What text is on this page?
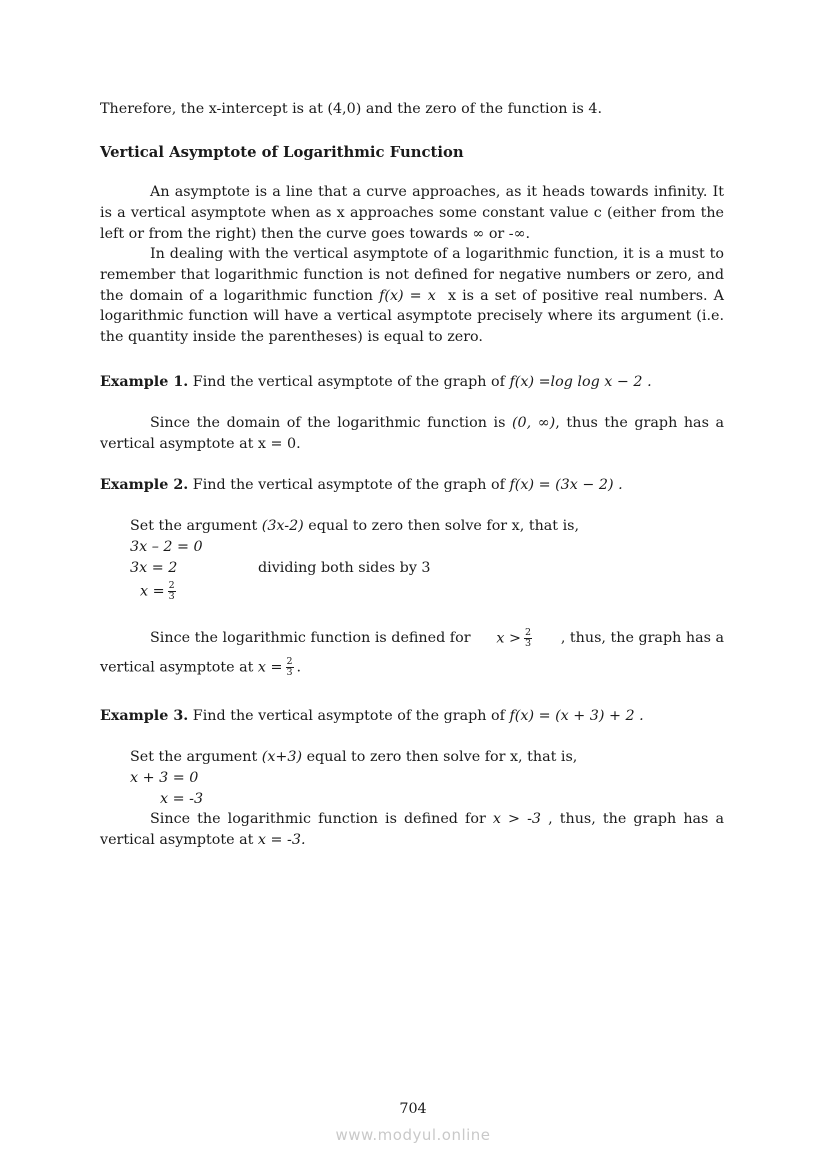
Therefore, the x-intercept is at (4,0) and the zero of the function is 4.

Vertical Asymptote of Logarithmic Function

An asymptote is a line that a curve approaches, as it heads towards infinity. It is a vertical asymptote when as x approaches some constant value c (either from the left or from the right) then the curve goes towards ∞ or -∞.

In dealing with the vertical asymptote of a logarithmic function, it is a must to remember that logarithmic function is not defined for negative numbers or zero, and the domain of a logarithmic function f(x) = x x is a set of positive real numbers. A logarithmic function will have a vertical asymptote precisely where its argument (i.e. the quantity inside the parentheses) is equal to zero.

Example 1. Find the vertical asymptote of the graph of f(x) =log log x − 2 .

Since the domain of the logarithmic function is (0, ∞), thus the graph has a vertical asymptote at x = 0.

Example 2. Find the vertical asymptote of the graph of f(x) = (3x − 2) .

Set the argument (3x-2) equal to zero then solve for x, that is,

3x – 2 = 0

3x = 2	dividing both sides by 3

$x = \frac{2}{3}$

Since the logarithmic function is defined for $x > \frac{2}{3}$ , thus, the graph has a

vertical asymptote at $x = \frac{2}{3}$ .

Example 3. Find the vertical asymptote of the graph of f(x) = (x + 3) + 2 .

Set the argument (x+3) equal to zero then solve for x, that is,

x + 3 = 0

x = -3

Since the logarithmic function is defined for x > -3 , thus, the graph has a vertical asymptote at x = -3.

704
www.modyul.online
